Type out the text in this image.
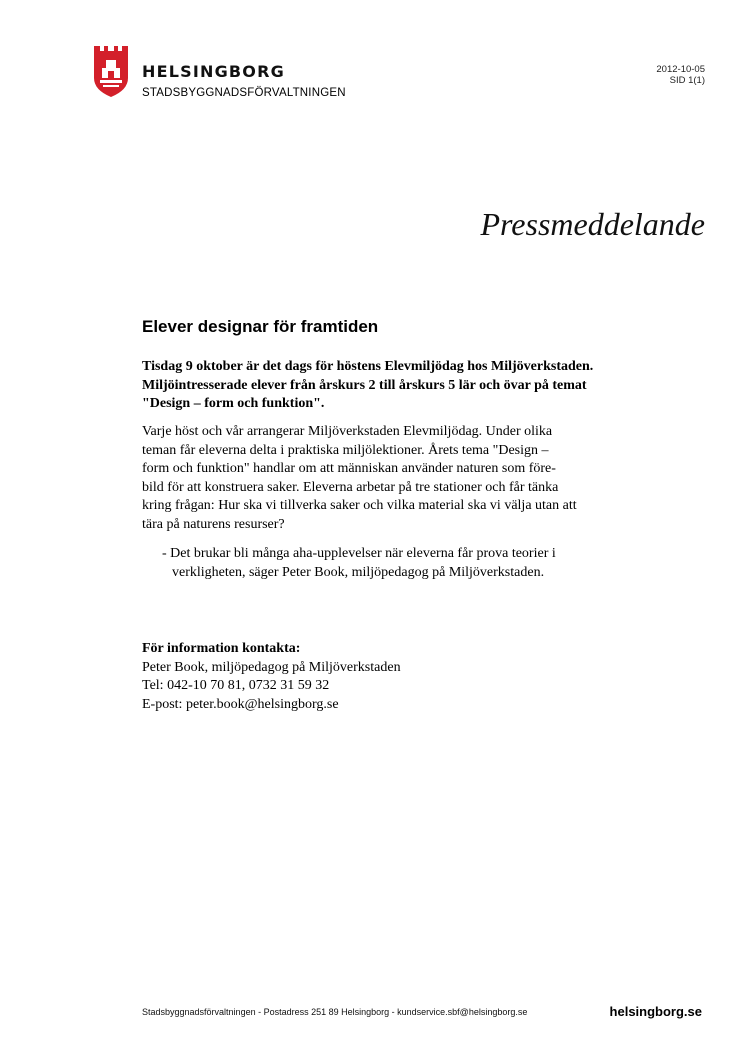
HELSINGBORG
STADSBYGGNADSFÖRVALTNINGEN
2012-10-05
SID 1(1)
Pressmeddelande
Elever designar för framtiden
Tisdag 9 oktober är det dags för höstens Elevmiljödag hos Miljöverkstaden.
Miljöintresserade elever från årskurs 2 till årskurs 5 lär och övar på temat
"Design – form och funktion".
Varje höst och vår arrangerar Miljöverkstaden Elevmiljödag. Under olika
teman får eleverna delta i praktiska miljölektioner. Årets tema "Design –
form och funktion" handlar om att människan använder naturen som före-
bild för att konstruera saker. Eleverna arbetar på tre stationer och får tänka
kring frågan: Hur ska vi tillverka saker och vilka material ska vi välja utan att
tära på naturens resurser?
- Det brukar bli många aha-upplevelser när eleverna får prova teorier i
verkligheten, säger Peter Book, miljöpedagog på Miljöverkstaden.
För information kontakta:
Peter Book, miljöpedagog på Miljöverkstaden
Tel: 042-10 70 81, 0732 31 59 32
E-post: peter.book@helsingborg.se
Stadsbyggnadsförvaltningen - Postadress 251 89 Helsingborg - kundservice.sbf@helsingborg.se	helsingborg.se
